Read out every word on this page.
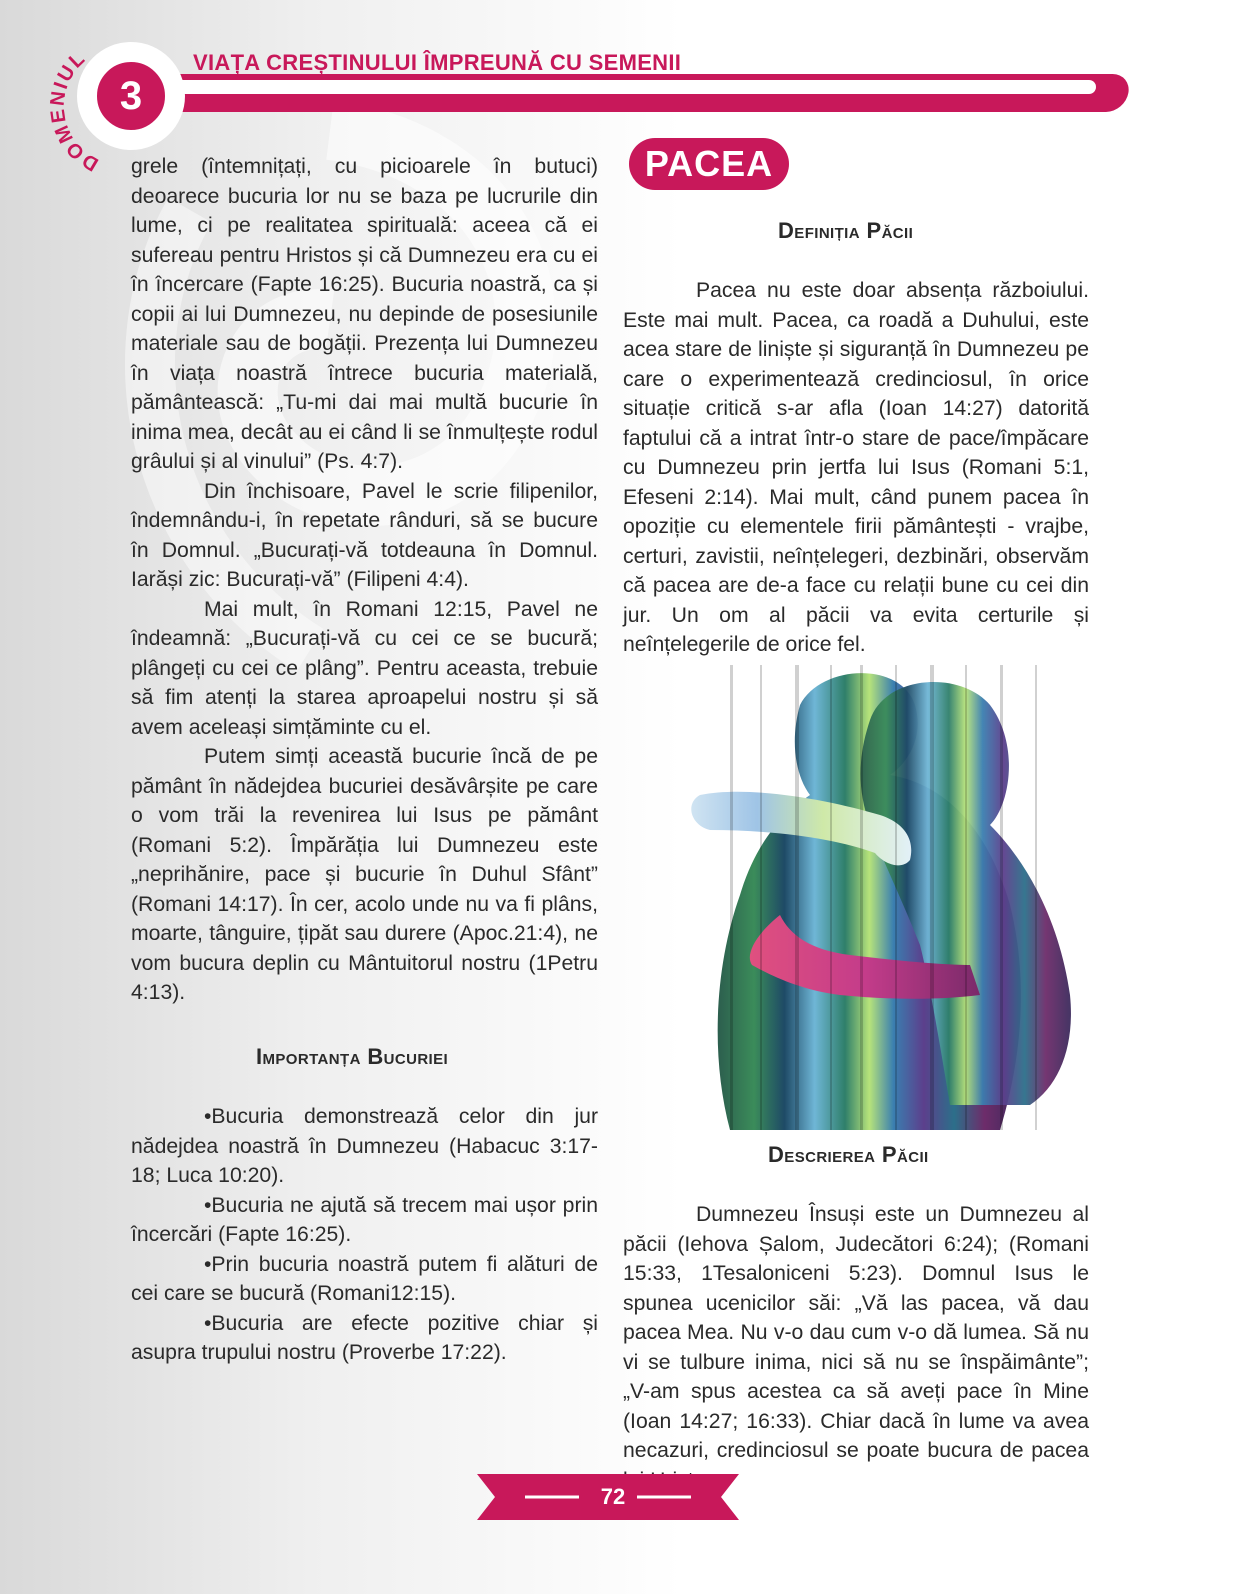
VIAȚA CREȘTINULUI ÎMPREUNĂ CU SEMENII
DOMENIUL
3

grele (întemnițați, cu picioarele în butuci) deoarece bucuria lor nu se baza pe lucrurile din lume, ci pe realitatea spirituală: aceea că ei sufereau pentru Hristos și că Dumnezeu era cu ei în încercare (Fapte 16:25). Bucuria noastră, ca și copii ai lui Dumnezeu, nu depinde de posesiunile materiale sau de bogății. Prezența lui Dumnezeu în viața noastră întrece bucuria materială, pământească: „Tu-mi dai mai multă bucurie în inima mea, decât au ei când li se înmulțește rodul grâului și al vinului” (Ps. 4:7).

Din închisoare, Pavel le scrie filipenilor, îndemnându-i, în repetate rânduri, să se bucure în Domnul. „Bucurați-vă totdeauna în Domnul. Iarăși zic: Bucurați-vă” (Filipeni 4:4).

Mai mult, în Romani 12:15, Pavel ne îndeamnă: „Bucurați-vă cu cei ce se bucură; plângeți cu cei ce plâng”. Pentru aceasta, trebuie să fim atenți la starea aproapelui nostru și să avem aceleași simțăminte cu el.

Putem simți această bucurie încă de pe pământ în nădejdea bucuriei desăvârșite pe care o vom trăi la revenirea lui Isus pe pământ (Romani 5:2). Împărăția lui Dumnezeu este „neprihănire, pace și bucurie în Duhul Sfânt” (Romani 14:17). În cer, acolo unde nu va fi plâns, moarte, tânguire, țipăt sau durere (Apoc.21:4), ne vom bucura deplin cu Mântuitorul nostru (1Petru 4:13).

Importanța Bucuriei

•Bucuria demonstrează celor din jur nădejdea noastră în Dumnezeu (Habacuc 3:17-18; Luca 10:20).

•Bucuria ne ajută să trecem mai ușor prin încercări (Fapte 16:25).

•Prin bucuria noastră putem fi alături de cei care se bucură (Romani12:15).

•Bucuria are efecte pozitive chiar și asupra trupului nostru (Proverbe 17:22).

PACEA
Definiția Păcii

Pacea nu este doar absența războiului. Este mai mult. Pacea, ca roadă a Duhului, este acea stare de liniște și siguranță în Dumnezeu pe care o experimentează credinciosul, în orice situație critică s-ar afla (Ioan 14:27) datorită faptului că a intrat într-o stare de pace/împăcare cu Dumnezeu prin jertfa lui Isus (Romani 5:1, Efeseni 2:14). Mai mult, când punem pacea în opoziție cu elementele firii pământești - vrajbe, certuri, zavistii, neînțelegeri, dezbinări, observăm că pacea are de-a face cu relații bune cu cei din jur. Un om al păcii va evita certurile și neînțelegerile de orice fel.

Descrierea Păcii

Dumnezeu Însuși este un Dumnezeu al păcii (Iehova Șalom, Judecători 6:24); (Romani 15:33, 1Tesaloniceni 5:23). Domnul Isus le spunea ucenicilor săi: „Vă las pacea, vă dau pacea Mea. Nu v-o dau cum v-o dă lumea. Să nu vi se tulbure inima, nici să nu se înspăimânte”; „V-am spus acestea ca să aveți pace în Mine (Ioan 14:27; 16:33). Chiar dacă în lume va avea necazuri, credinciosul se poate bucura de pacea

72
